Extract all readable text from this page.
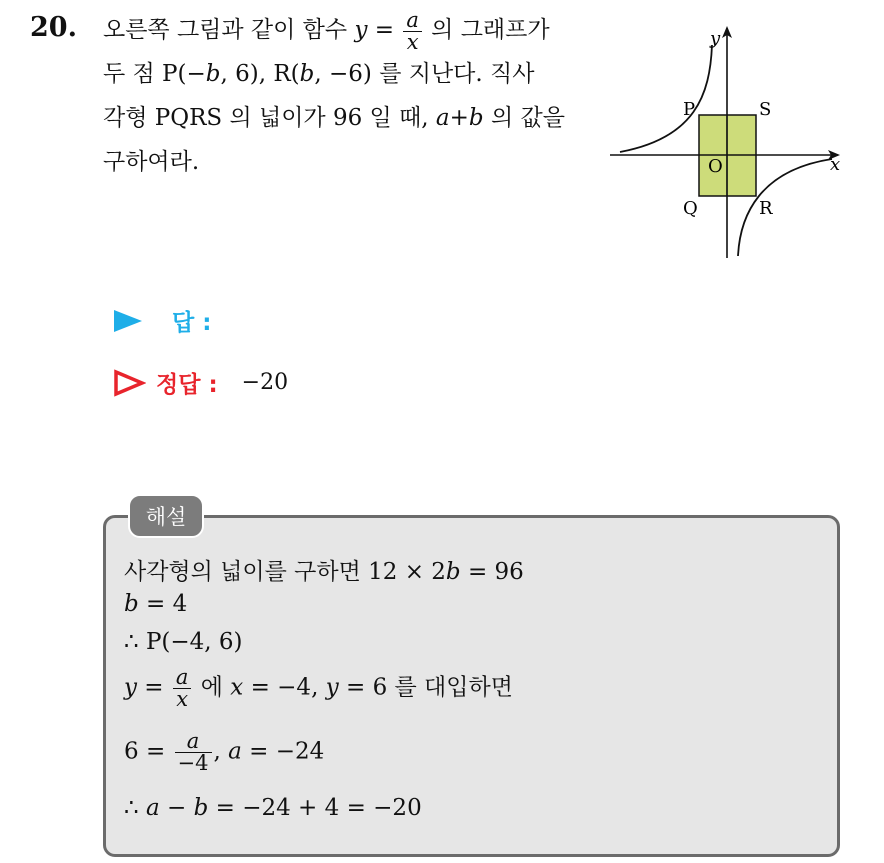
20. 오른쪽 그림과 같이 함수 $y = \frac{a}{x}$ 의 그래프가
두 점 P(−b, 6), R(b, −6) 를 지난다. 직사
각형 PQRS 의 넓이가 96 일 때, a+b 의 값을
구하여라.
y
x
O
P	S
Q	R
답 :
정답 : −20
해설
사각형의 넓이를 구하면 12 × 2b = 96
b = 4
∴ P(−4, 6)
$y = \frac{a}{x}$ 에 x = −4, y = 6 를 대입하면
$6 = \frac{a}{-4}$ , a = −24
∴ a − b = −24 + 4 = −20
